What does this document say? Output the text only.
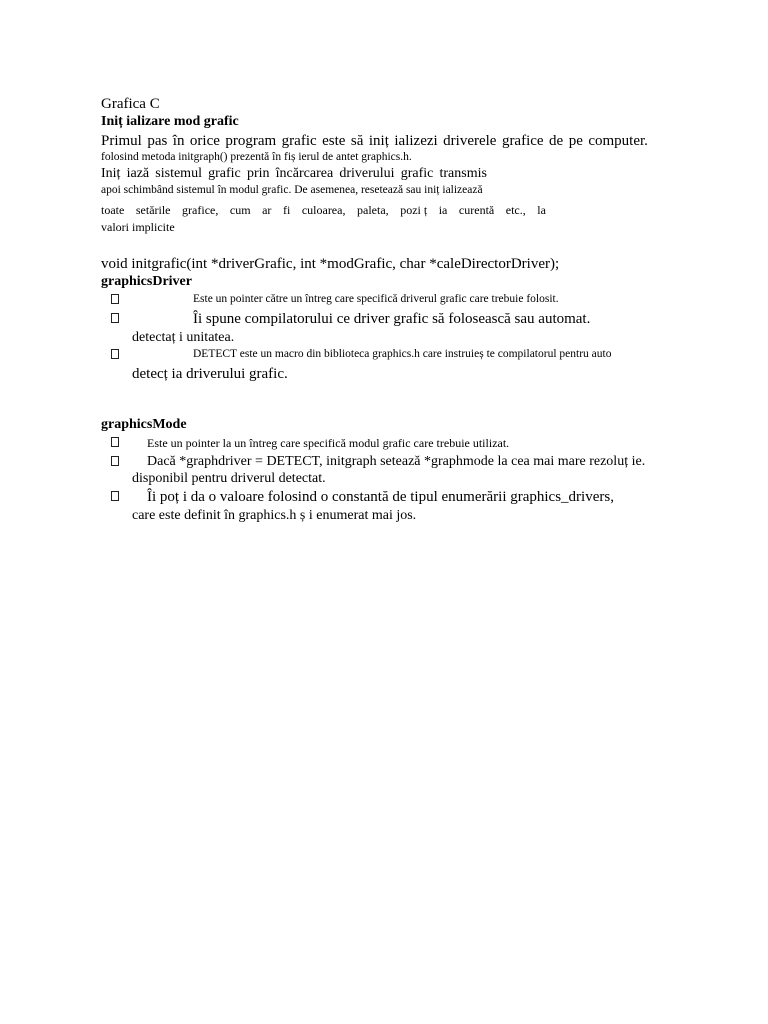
Grafica C
Iniț ializare mod grafic
Primul pas în orice program grafic este să iniț ializezi driverele grafice de pe computer.
folosind metoda initgraph() prezentă în fiș ierul de antet graphics.h.
Iniț iază sistemul grafic prin încărcarea driverului grafic transmis
apoi schimbând sistemul în modul grafic. De asemenea, resetează sau iniț ializează
toate setările grafice, cum ar fi culoarea, paleta, pozi ț ia curentă etc., la
valori implicite
void initgrafic(int *driverGrafic, int *modGrafic, char *caleDirectorDriver);
graphicsDriver
Este un pointer către un întreg care specifică driverul grafic care trebuie folosit.
Îi spune compilatorului ce driver grafic să folosească sau automat.
detectaț i unitatea.
DETECT este un macro din biblioteca graphics.h care instruieș te compilatorul pentru auto
detecț ia driverului grafic.
graphicsMode
Este un pointer la un întreg care specifică modul grafic care trebuie utilizat.
Dacă *graphdriver = DETECT, initgraph setează *graphmode la cea mai mare rezoluț ie.
disponibil pentru driverul detectat.
Îi poț i da o valoare folosind o constantă de tipul enumerării graphics_drivers,
care este definit în graphics.h ș i enumerat mai jos.
